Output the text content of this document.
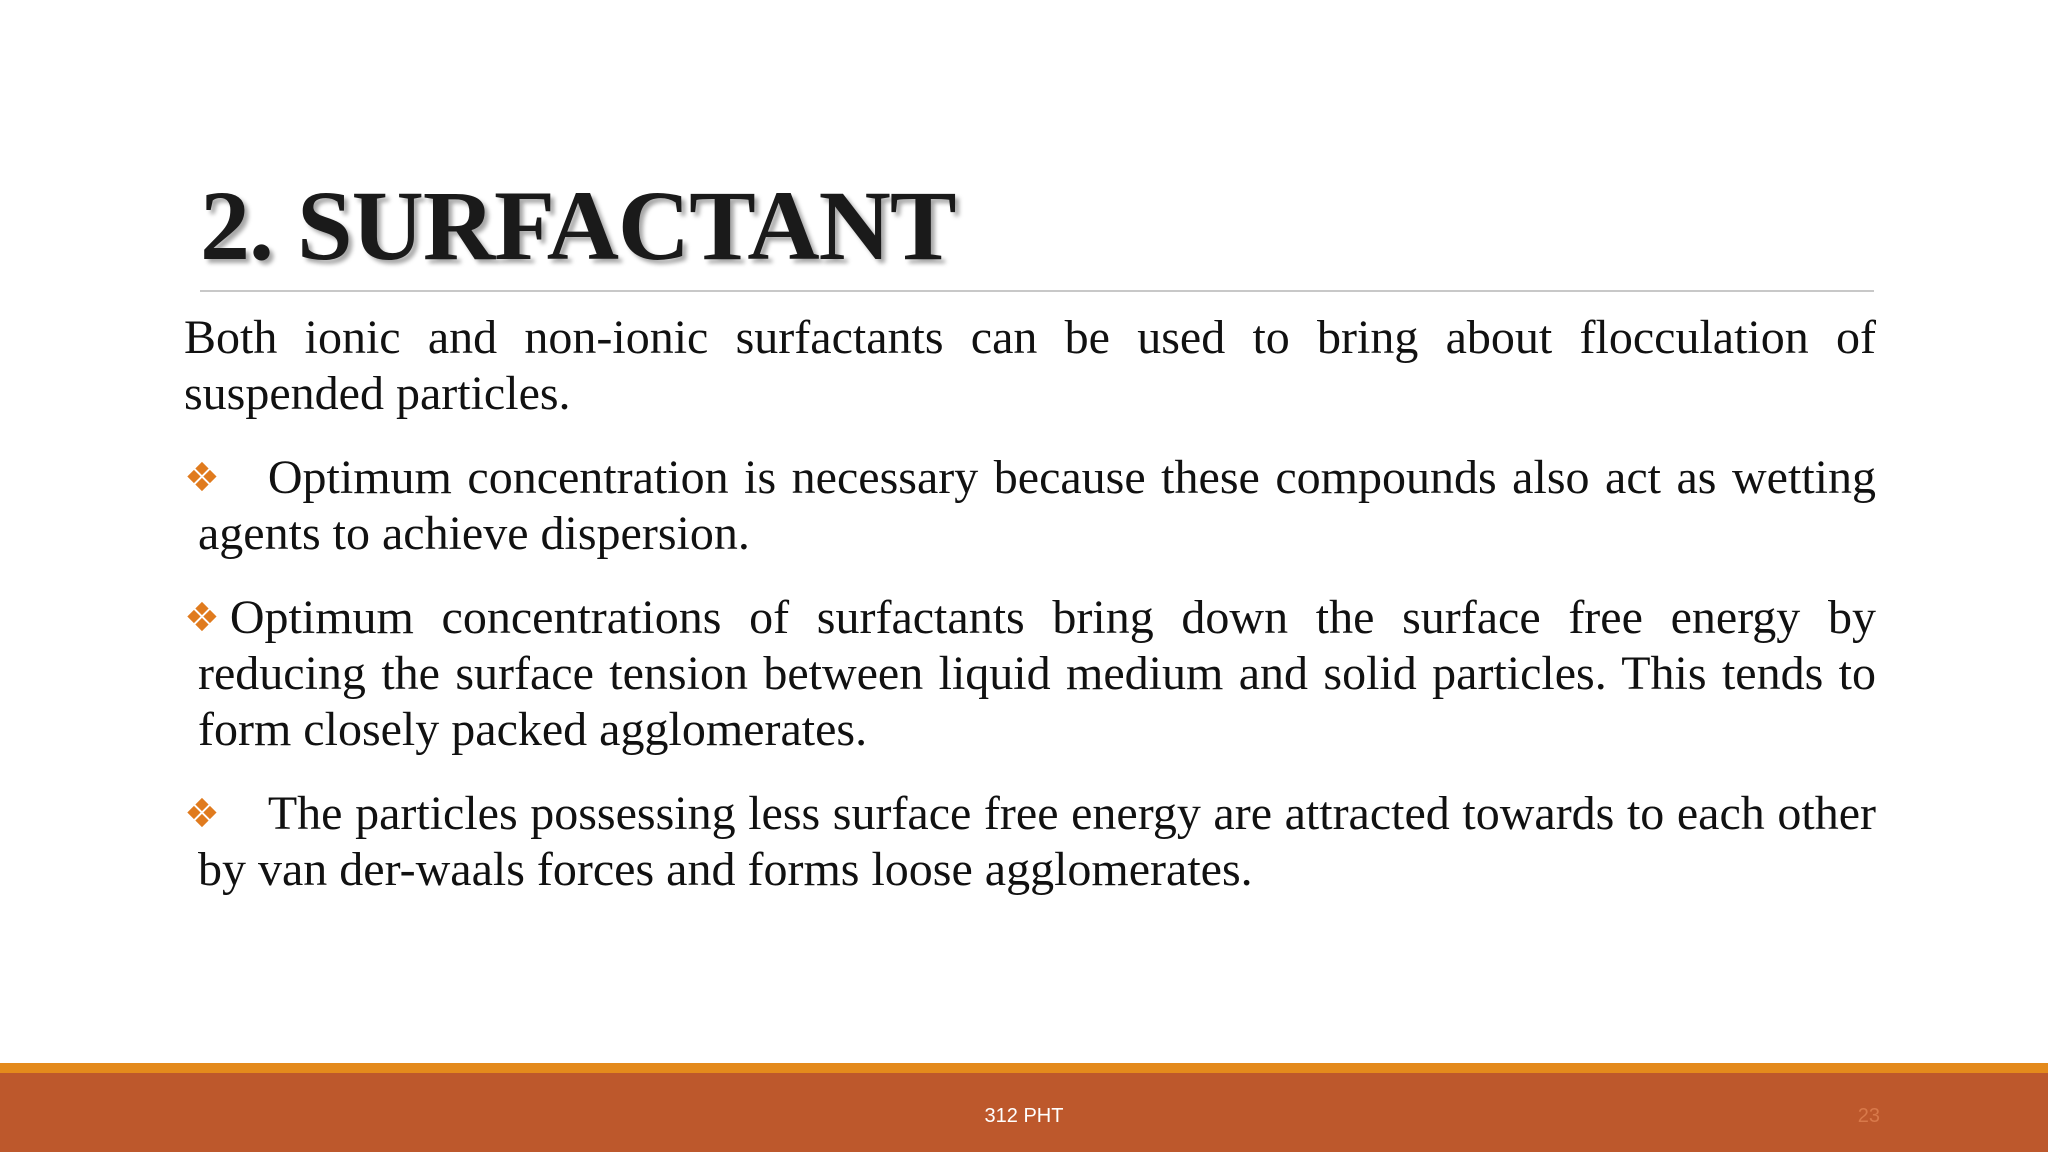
2. SURFACTANT

Both ionic and non-ionic surfactants can be used to bring about flocculation of suspended particles.

❖ Optimum concentration is necessary because these compounds also act as wetting agents to achieve dispersion.

❖ Optimum concentrations of surfactants bring down the surface free energy by reducing the surface tension between liquid medium and solid particles. This tends to form closely packed agglomerates.

❖ The particles possessing less surface free energy are attracted towards to each other by van der-waals forces and forms loose agglomerates.

312 PHT	23
